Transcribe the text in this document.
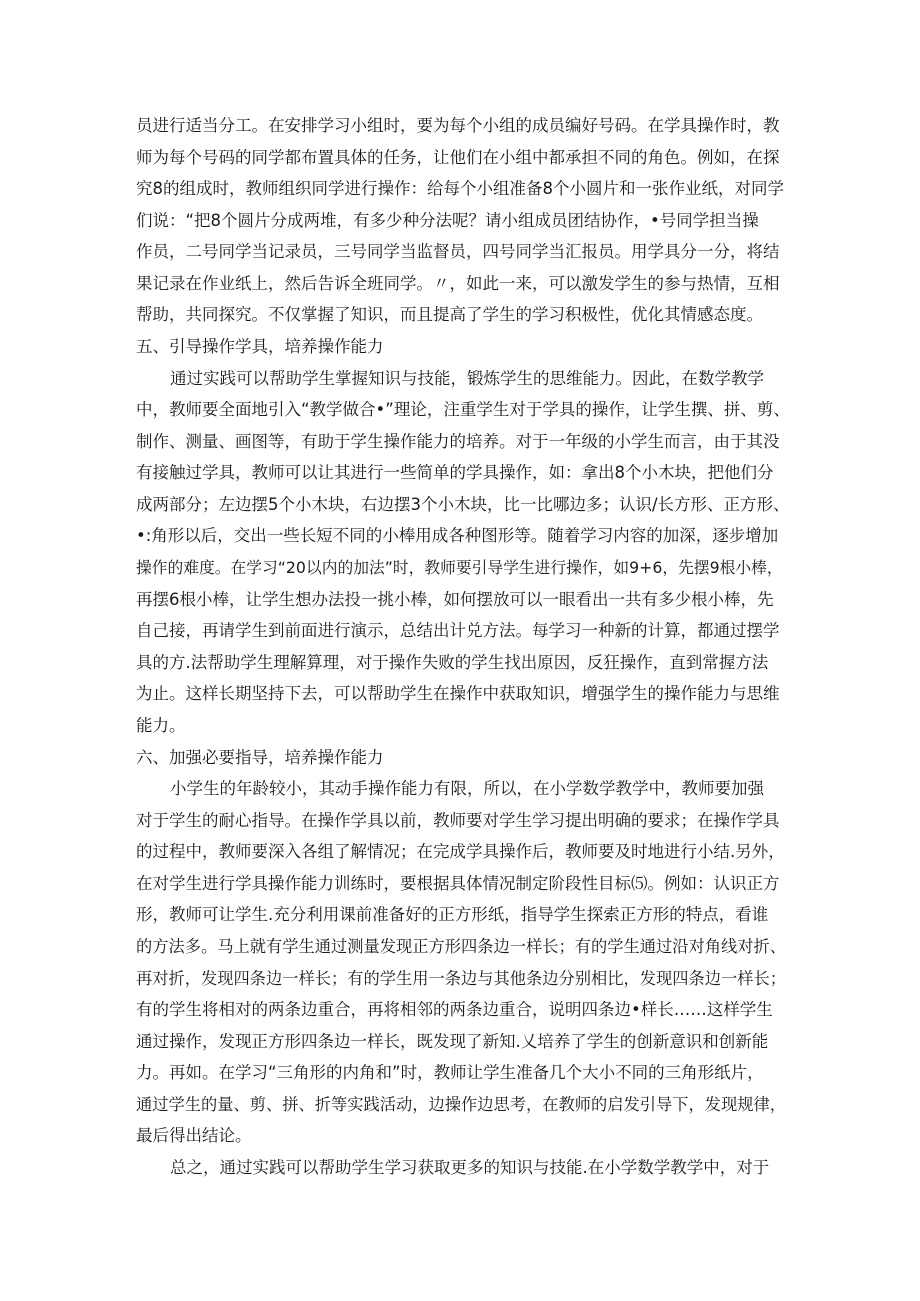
员进行适当分工。在安排学习小组时，要为每个小组的成员编好号码。在学具操作时，教

师为每个号码的同学都布置具体的任务，让他们在小组中都承担不同的角色。例如，在探

究8的组成时，教师组织同学进行操作：给每个小组准备8个小圆片和一张作业纸，对同学

们说：“把8个圆片分成两堆，有多少种分法呢？请小组成员团结协作，•号同学担当操

作员，二号同学当记录员，三号同学当监督员，四号同学当汇报员。用学具分一分，将结

果记录在作业纸上，然后告诉全班同学。〃，如此一来，可以激发学生的参与热情，互相

帮助，共同探究。不仅掌握了知识，而且提高了学生的学习积极性，优化其情感态度。

五、引导操作学具，培养操作能力

通过实践可以帮助学生掌握知识与技能，锻炼学生的思维能力。因此，在数学教学

中，教师要全面地引入“教学做合•”理论，注重学生对于学具的操作，让学生撰、拼、剪、

制作、测量、画图等，有助于学生操作能力的培养。对于一年级的小学生而言，由于其没

有接触过学具，教师可以让其进行一些简单的学具操作，如：拿出8个小木块，把他们分

成两部分；左边摆5个小木块，右边摆3个小木块，比一比哪边多；认识/长方形、正方形、

•:角形以后，交出一些长短不同的小棒用成各种图形等。随着学习内容的加深，逐步增加

操作的难度。在学习“20以内的加法”时，教师要引导学生进行操作，如9+6，先摆9根小棒，

再摆6根小棒，让学生想办法投一挑小棒，如何摆放可以一眼看出一共有多少根小棒，先

自己接，再请学生到前面进行演示，总结出计兑方法。每学习一种新的计算，都通过摆学

具的方.法帮助学生理解算理，对于操作失败的学生找出原因，反狂操作，直到常握方法

为止。这样长期坚持下去，可以帮助学生在操作中获取知识，增强学生的操作能力与思维

能力。

六、加强必要指导，培养操作能力

小学生的年龄较小，其动手操作能力有限，所以，在小学数学教学中，教师要加强

对于学生的耐心指导。在操作学具以前，教师要对学生学习提出明确的要求；在操作学具

的过程中，教师要深入各组了解情况；在完成学具操作后，教师要及时地进行小结.另外，

在对学生进行学具操作能力训练时，要根据具体情况制定阶段性目标⑸。例如：认识正方

形，教师可让学生.充分利用课前准备好的正方形纸，指导学生探索正方形的特点，看谁

的方法多。马上就有学生通过测量发现正方形四条边一样长；有的学生通过沿对角线对折、

再对折，发现四条边一样长；有的学生用一条边与其他条边分别相比，发现四条边一样长；

有的学生将相对的两条边重合，再将相邻的两条边重合，说明四条边•样长……这样学生

通过操作，发现正方形四条边一样长，既发现了新知.乂培养了学生的创新意识和创新能

力。再如。在学习“三角形的内角和”时，教师让学生准备几个大小不同的三角形纸片，

通过学生的量、剪、拼、折等实践活动，边操作边思考，在教师的启发引导下，发现规律，

最后得出结论。

总之，通过实践可以帮助学生学习获取更多的知识与技能.在小学数学教学中，对于
